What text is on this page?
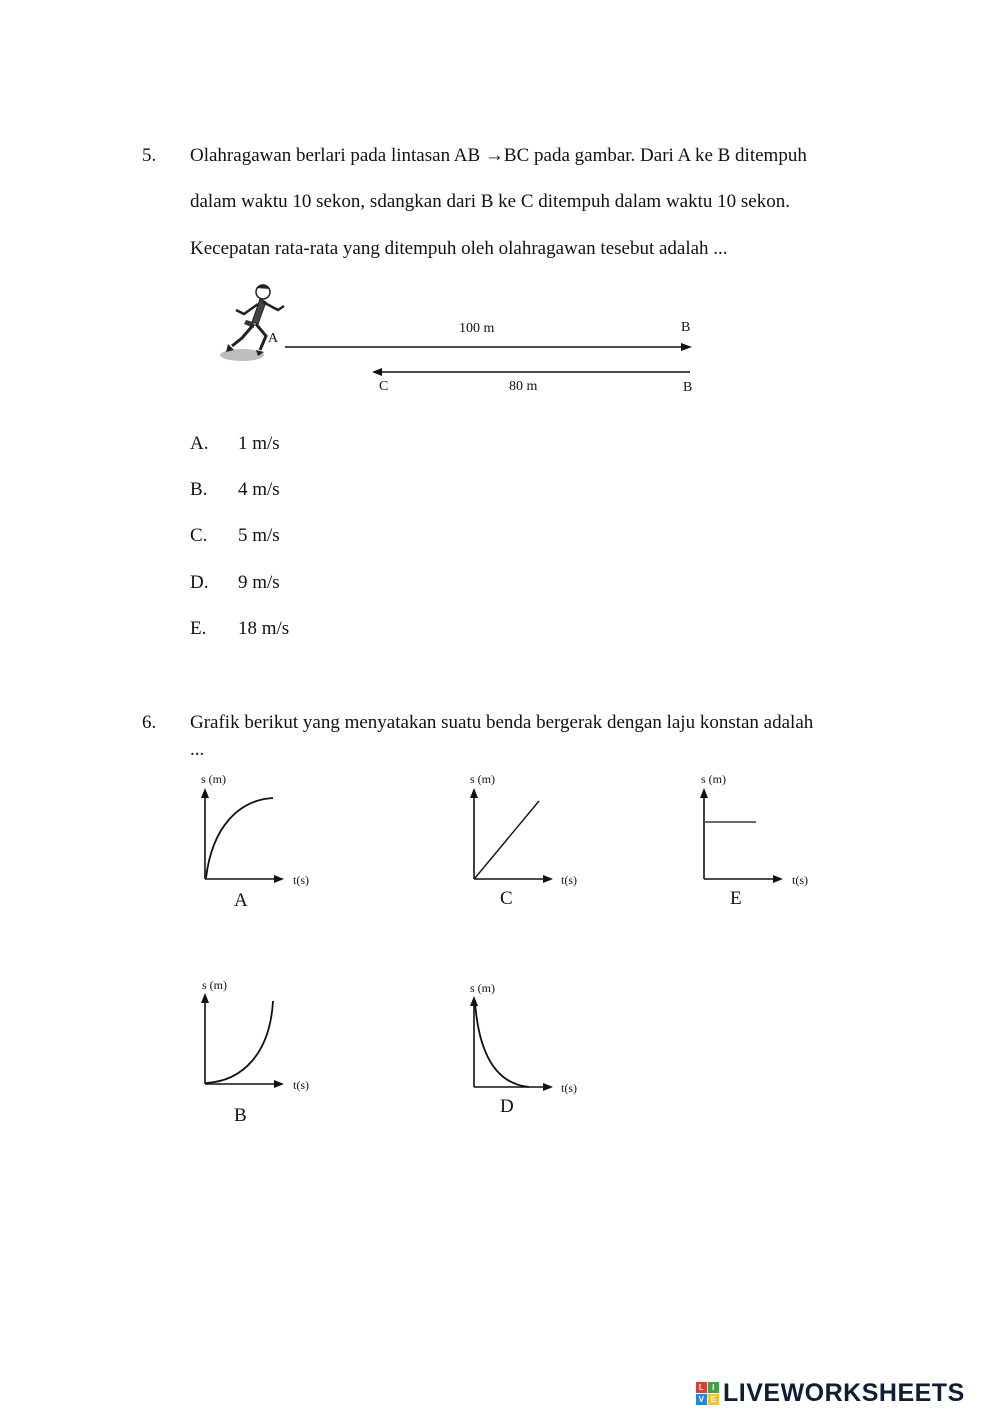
5. Olahragawan berlari pada lintasan AB →BC pada gambar. Dari A ke B ditempuh
dalam waktu 10 sekon, sdangkan dari B ke C ditempuh dalam waktu 10 sekon.
Kecepatan rata-rata yang ditempuh oleh olahragawan tesebut adalah ...
A
100 m	B
C	80 m	B
A. 1 m/s
B. 4 m/s
C. 5 m/s
D. 9 m/s
E. 18 m/s
6. Grafik berikut yang menyatakan suatu benda bergerak dengan laju konstan adalah
...
s (m)
t(s)
A
s (m)
t(s)
C
s (m)
t(s)
E
s (m)
t(s)
B
s (m)
t(s)
D
L I
V E LIVEWORKSHEETS
